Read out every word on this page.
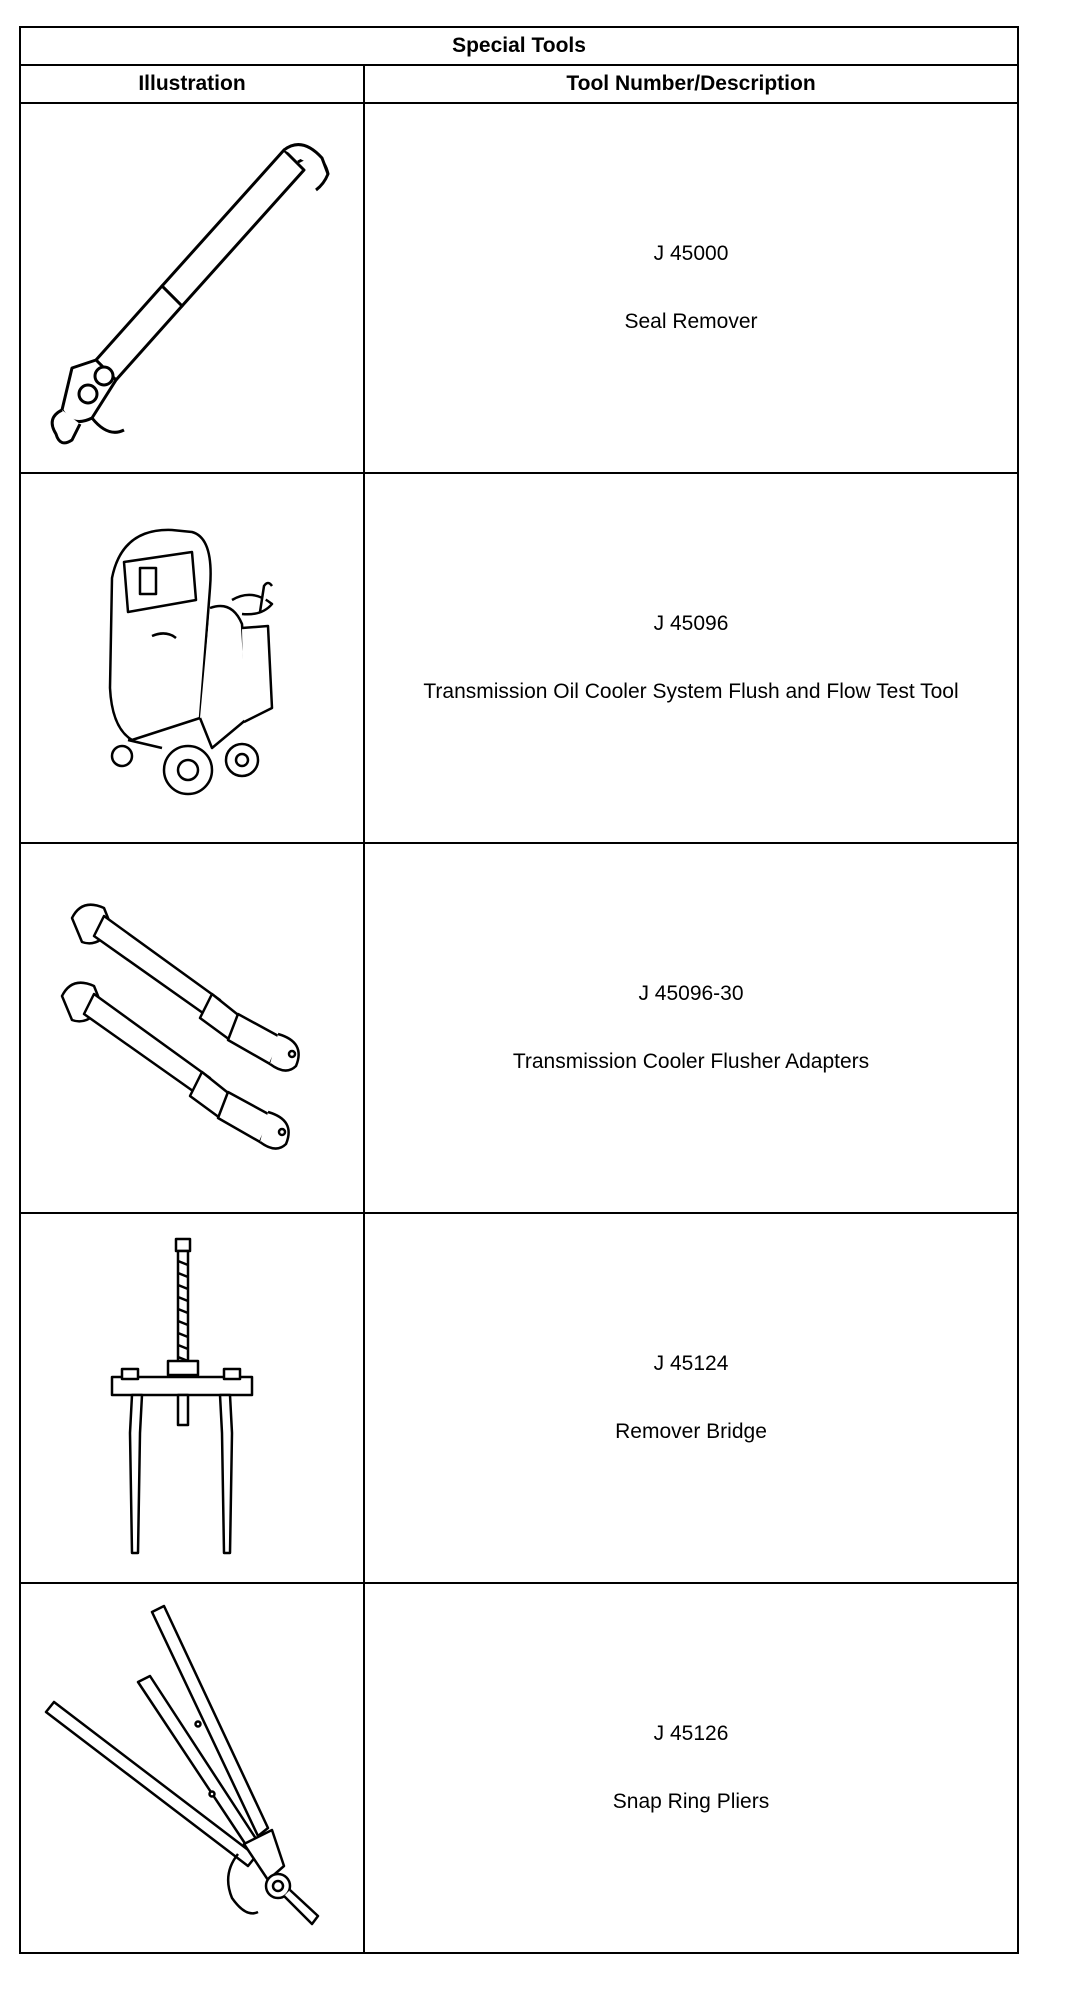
Special Tools	
Illustration	Tool Number/Description

J 45000
Seal Remover

J 45096
Transmission Oil Cooler System Flush and Flow Test Tool

J 45096-30
Transmission Cooler Flusher Adapters

J 45124
Remover Bridge

J 45126
Snap Ring Pliers
